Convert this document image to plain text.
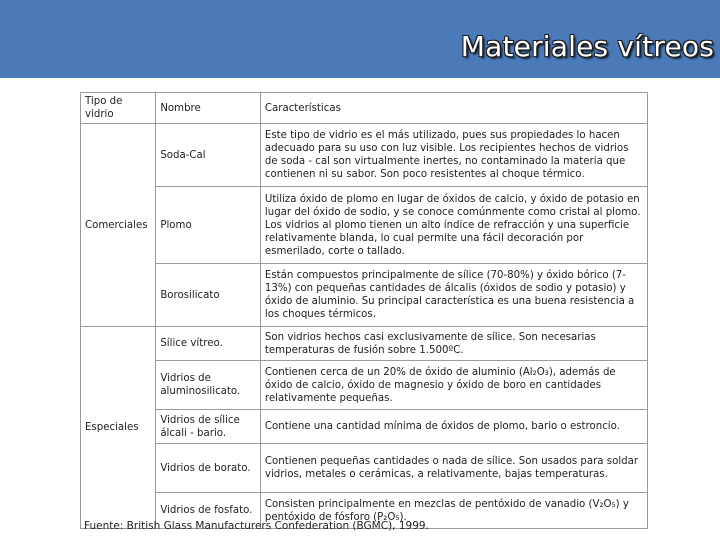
Materiales vítreos
Tipo de vidrio	Nombre	Características
Comerciales	Soda-Cal	Este tipo de vidrio es el más utilizado, pues sus propiedades lo hacen adecuado para su uso con luz visible. Los recipientes hechos de vidrios de soda - cal son virtualmente inertes, no contaminado la materia que contienen ni su sabor. Son poco resistentes al choque térmico.
	Plomo	Utiliza óxido de plomo en lugar de óxidos de calcio, y óxido de potasio en lugar del óxido de sodio, y se conoce comúnmente como cristal al plomo. Los vidrios al plomo tienen un alto índice de refracción y una superficie relativamente blanda, lo cual permite una fácil decoración por esmerilado, corte o tallado.
	Borosilicato	Están compuestos principalmente de sílice (70-80%) y óxido bórico (7-13%) con pequeñas cantidades de álcalis (óxidos de sodio y potasio) y óxido de aluminio. Su principal característica es una buena resistencia a los choques térmicos.
Especiales	Sílice vítreo.	Son vidrios hechos casi exclusivamente de sílice. Son necesarias temperaturas de fusión sobre 1.500ºC.
	Vidrios de aluminosilicato.	Contienen cerca de un 20% de óxido de aluminio (Al₂O₃), además de óxido de calcio, óxido de magnesio y óxido de boro en cantidades relativamente pequeñas.
	Vidrios de sílice álcali - bario.	Contiene una cantidad mínima de óxidos de plomo, bario o estroncio.
	Vidrios de borato.	Contienen pequeñas cantidades o nada de sílice. Son usados para soldar vidrios, metales o cerámicas, a relativamente, bajas temperaturas.
	Vidrios de fosfato.	Consisten principalmente en mezclas de pentóxido de vanadio (V₂O₅) y pentóxido de fósforo (P₂O₅).
Fuente: British Glass Manufacturers Confederation (BGMC), 1999.
